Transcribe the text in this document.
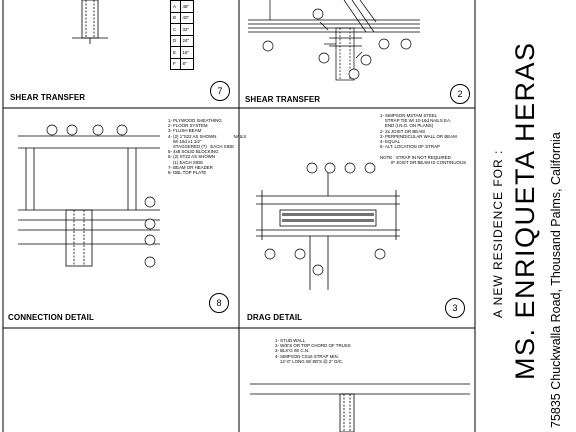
A	48"
B	40"
C	32"
D	24"
E	16"
F	8"
SHEAR TRANSFER	SHEAR TRANSFER
CONNECTION DETAIL	DRAG DETAIL
7	2
8	3
1- PLYWOOD SHEATHING
2- FLOOR SYSTEM
3- FLUSH BEAM
4- (2) 1"S22 AS SHOWN              NAILS
W/ 10d x1 1/2"
STAGGERED (?)   EACH SIDE
5- 4x8 SOLID BLOCKING
6- (2) ST22 AS SHOWN
(1) EACH SIDE
7- BEAM OR HEADER
8- DBL TOP PLATE
1- SIMPSON MSTAM STEEL
STRAP TIE W/ 10-16d NAILS EA.
END (I.N.O. ON PLANS)
2- 2x JOIST OR BEAM
3- PERPENDICULAR WALL OR BEAM
4- EQUAL
5- ALT. LOCATION OF STRAP

NOTE : STRAP IN NOT REQUIRED
IF JOIST OR BEAM IS CONTINUOUS
1- STUD WALL
2- W/E'S OR TOP CHORD OF TRUSS
3- BLK'G W/ C.N.
4- SIMPSON CS16 STRAP MIN.
12'-0" LONG W/ 8D'S @ 2" O/C.
A NEW RESIDENCE FOR : MS. ENRIQUETA HERAS 75835 Chuckwalla Road, Thousand Palms, California
